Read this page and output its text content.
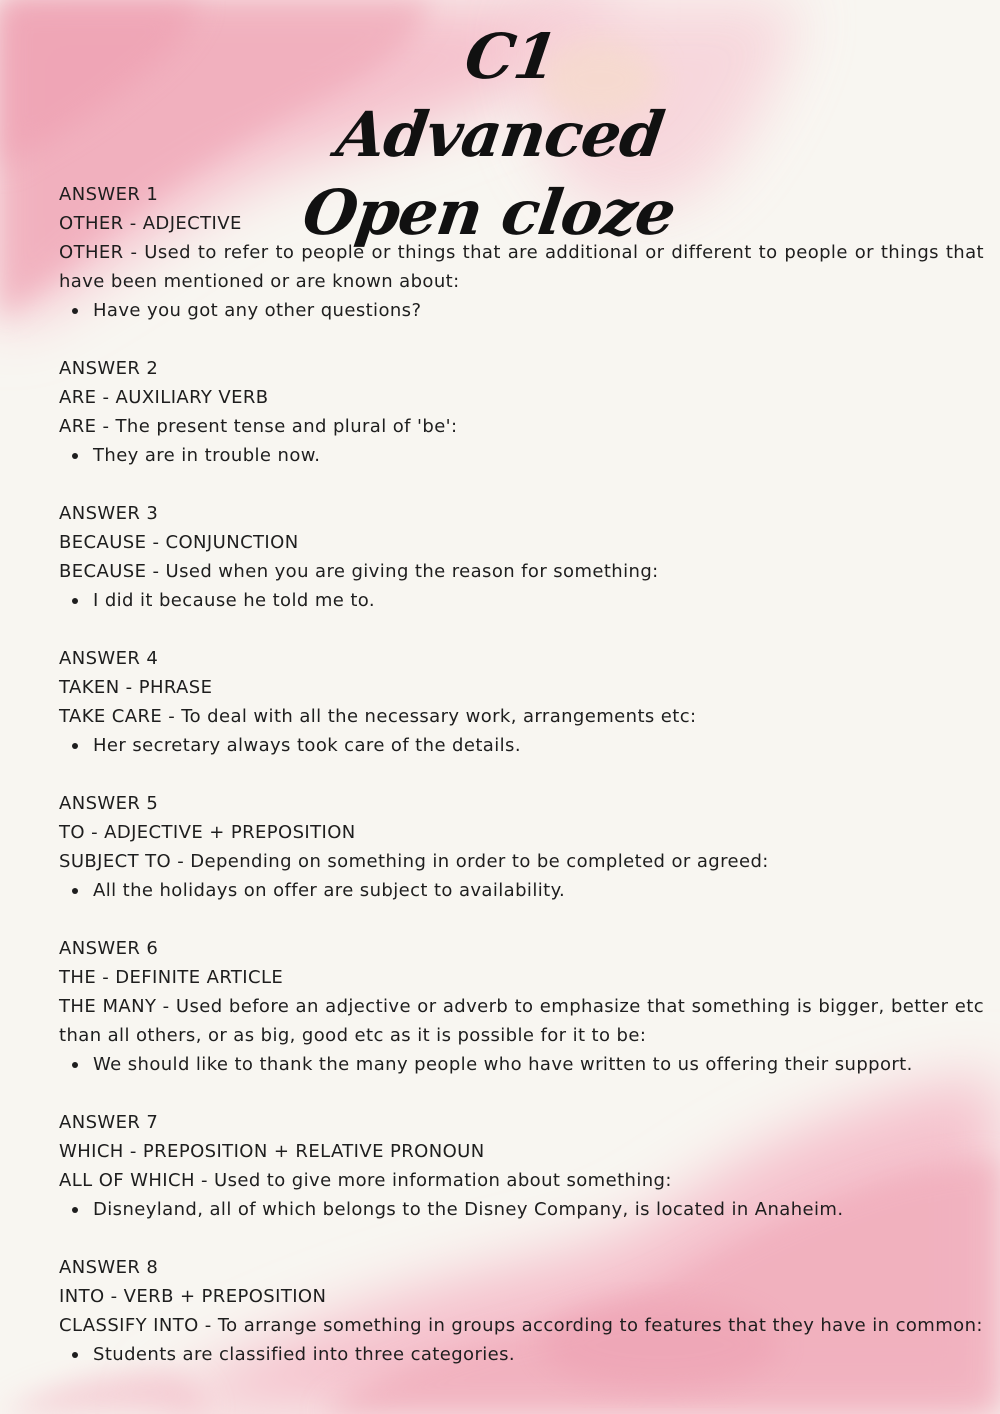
C1 Advanced
Open cloze

ANSWER 1

OTHER - ADJECTIVE

OTHER - Used to refer to people or things that are additional or different to people or things that have been mentioned or are known about:

Have you got any other questions?

ANSWER 2

ARE - AUXILIARY VERB

ARE - The present tense and plural of 'be':

They are in trouble now.

ANSWER 3

BECAUSE - CONJUNCTION

BECAUSE - Used when you are giving the reason for something:

I did it because he told me to.

ANSWER 4

TAKEN - PHRASE

TAKE CARE - To deal with all the necessary work, arrangements etc:

Her secretary always took care of the details.

ANSWER 5

TO - ADJECTIVE + PREPOSITION

SUBJECT TO - Depending on something in order to be completed or agreed:

All the holidays on offer are subject to availability.

ANSWER 6

THE - DEFINITE ARTICLE

THE MANY - Used before an adjective or adverb to emphasize that something is bigger, better etc than all others, or as big, good etc as it is possible for it to be:

We should like to thank the many people who have written to us offering their support.

ANSWER 7

WHICH - PREPOSITION + RELATIVE PRONOUN

ALL OF WHICH - Used to give more information about something:

Disneyland, all of which belongs to the Disney Company, is located in Anaheim.

ANSWER 8

INTO - VERB + PREPOSITION

CLASSIFY INTO - To arrange something in groups according to features that they have in common:

Students are classified into three categories.
